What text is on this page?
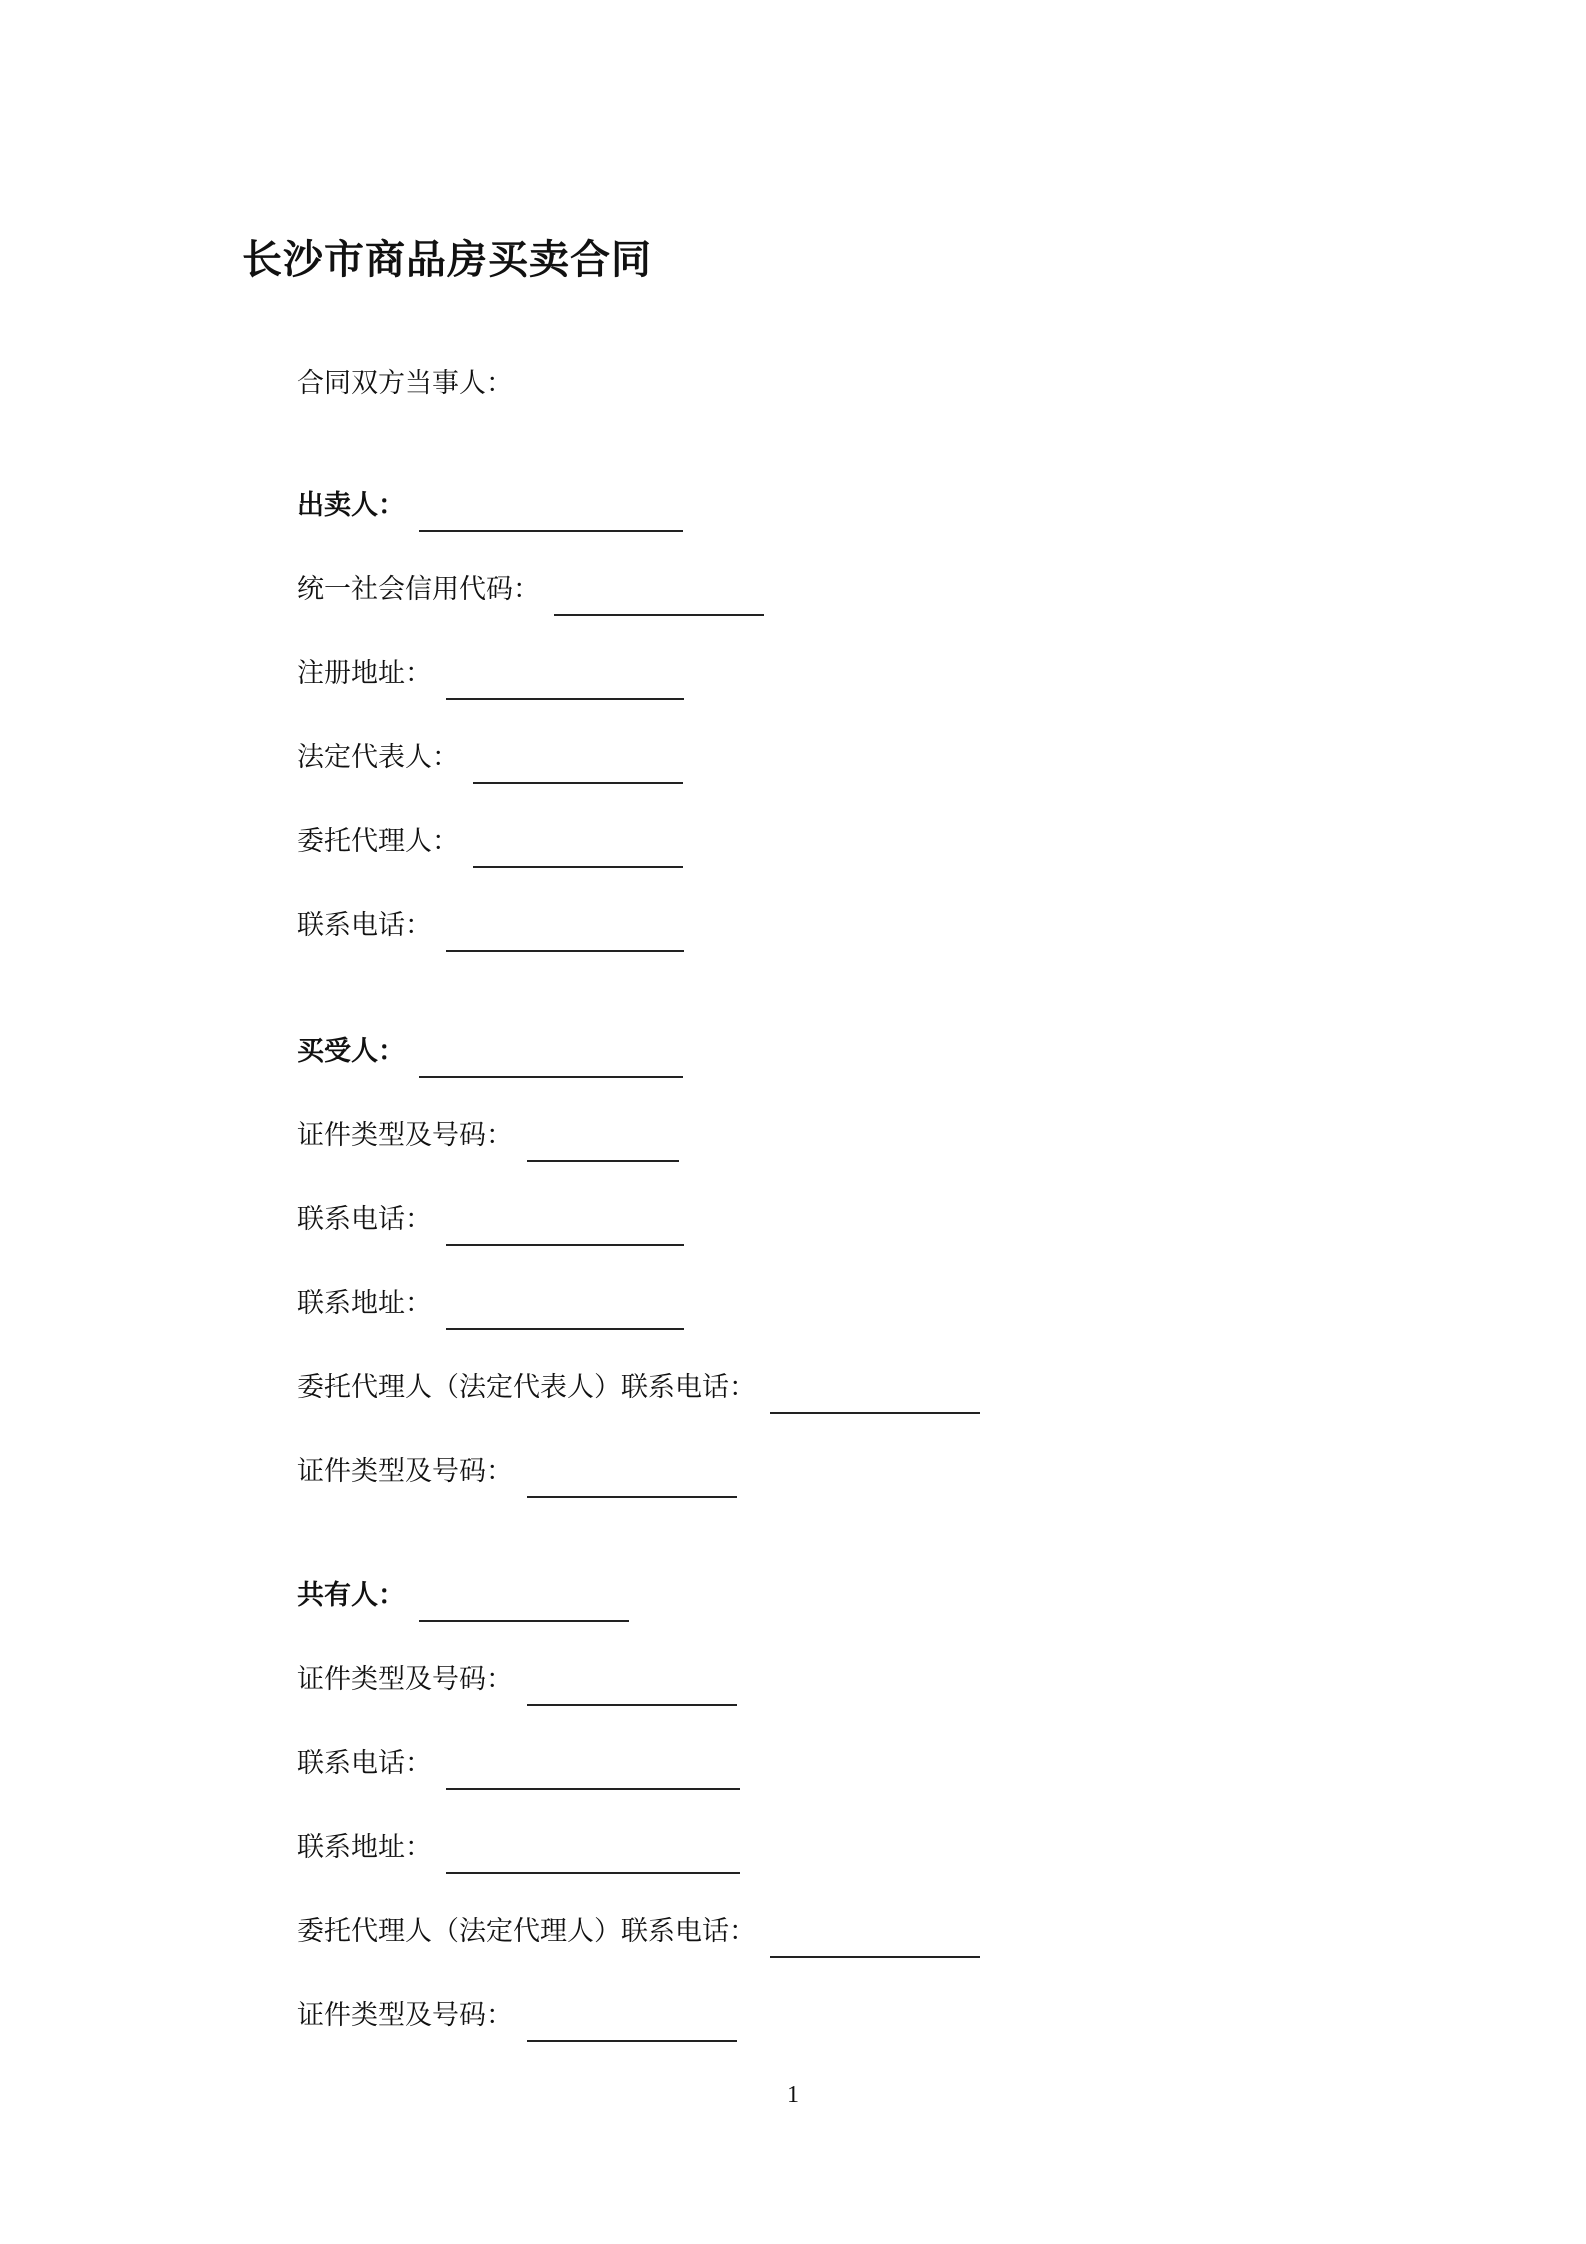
长沙市商品房买卖合同
合同双方当事人：
出卖人：
统一社会信用代码：
注册地址：
法定代表人：
委托代理人：
联系电话：
买受人：
证件类型及号码：
联系电话：
联系地址：
委托代理人（法定代表人）联系电话：
证件类型及号码：
共有人：
证件类型及号码：
联系电话：
联系地址：
委托代理人（法定代理人）联系电话：
证件类型及号码：
1
